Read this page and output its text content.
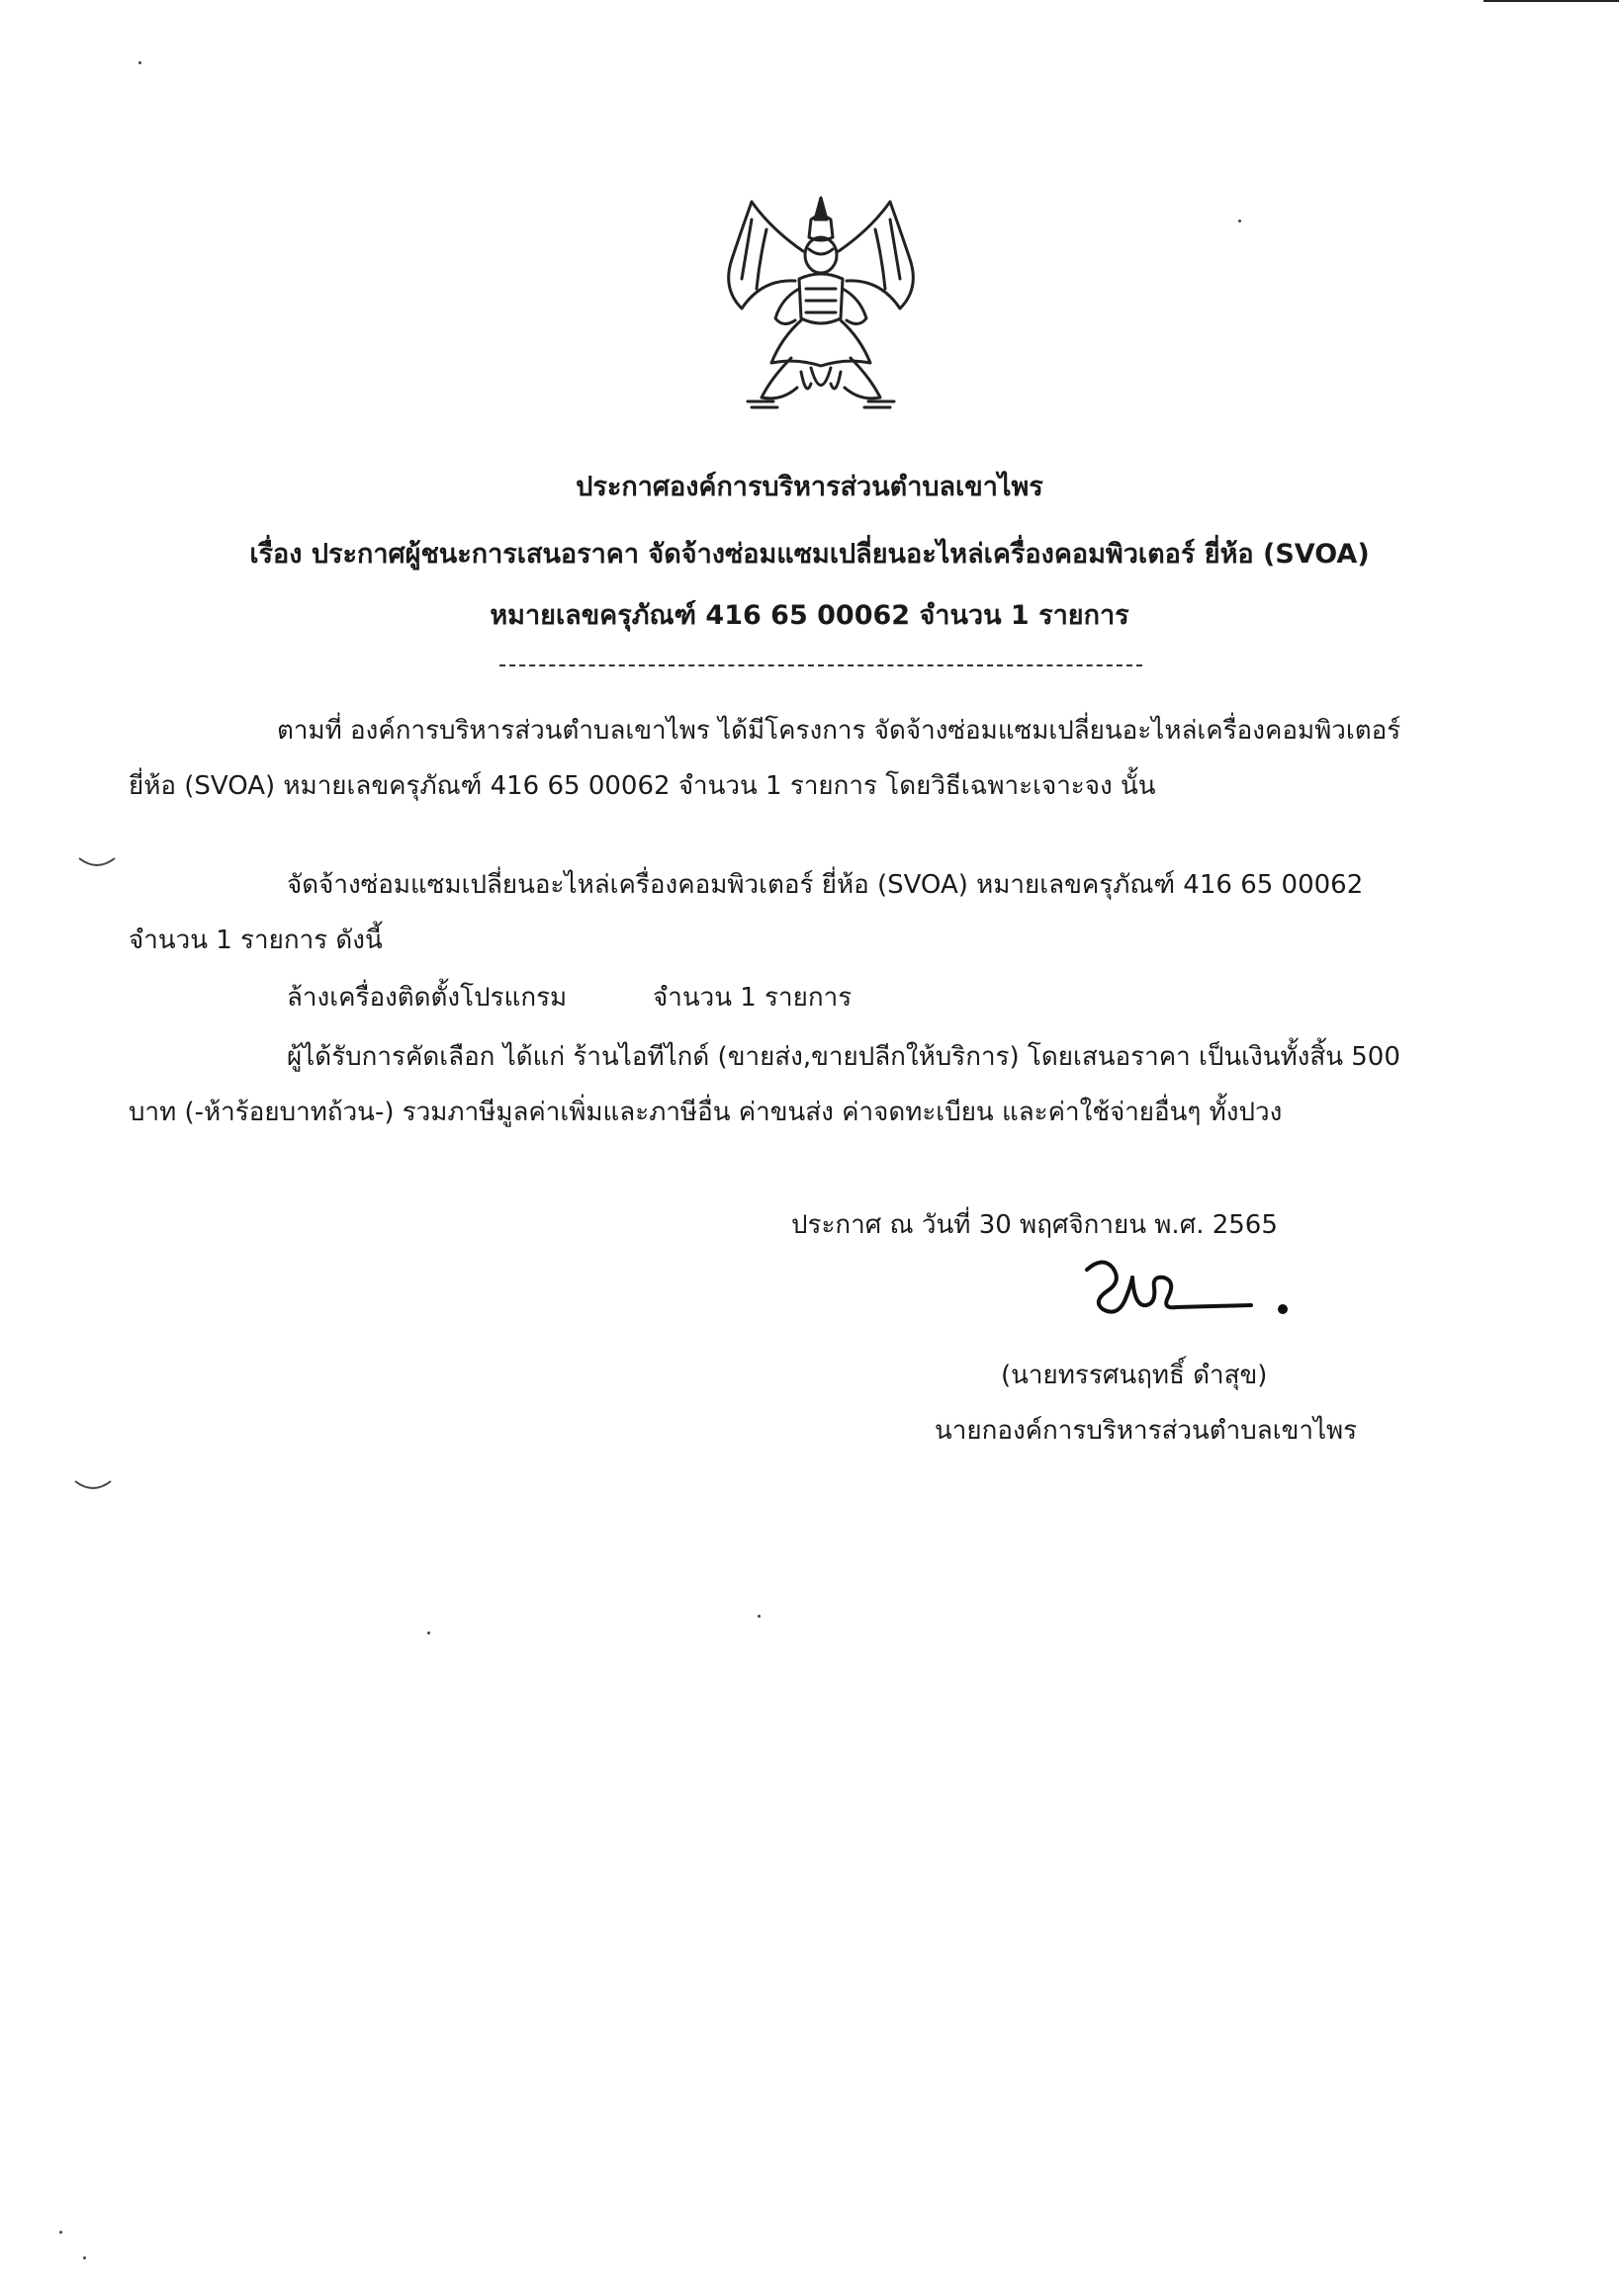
ประกาศองค์การบริหารส่วนตำบลเขาไพร
เรื่อง ประกาศผู้ชนะการเสนอราคา จัดจ้างซ่อมแซมเปลี่ยนอะไหล่เครื่องคอมพิวเตอร์ ยี่ห้อ (SVOA)
หมายเลขครุภัณฑ์ 416 65 00062 จำนวน 1 รายการ
ตามที่ องค์การบริหารส่วนตำบลเขาไพร ได้มีโครงการ จัดจ้างซ่อมแซมเปลี่ยนอะไหล่เครื่องคอมพิวเตอร์
ยี่ห้อ (SVOA) หมายเลขครุภัณฑ์ 416 65 00062 จำนวน 1 รายการ โดยวิธีเฉพาะเจาะจง นั้น
จัดจ้างซ่อมแซมเปลี่ยนอะไหล่เครื่องคอมพิวเตอร์ ยี่ห้อ (SVOA) หมายเลขครุภัณฑ์ 416 65 00062
จำนวน 1 รายการ ดังนี้
ล้างเครื่องติดตั้งโปรแกรม	จำนวน 1 รายการ
ผู้ได้รับการคัดเลือก ได้แก่ ร้านไอทีไกด์ (ขายส่ง,ขายปลีกให้บริการ) โดยเสนอราคา เป็นเงินทั้งสิ้น 500
บาท (-ห้าร้อยบาทถ้วน-) รวมภาษีมูลค่าเพิ่มและภาษีอื่น ค่าขนส่ง ค่าจดทะเบียน และค่าใช้จ่ายอื่นๆ ทั้งปวง
ประกาศ ณ วันที่ 30 พฤศจิกายน พ.ศ. 2565
(นายทรรศนฤทธิ์ ดำสุข)
นายกองค์การบริหารส่วนตำบลเขาไพร
